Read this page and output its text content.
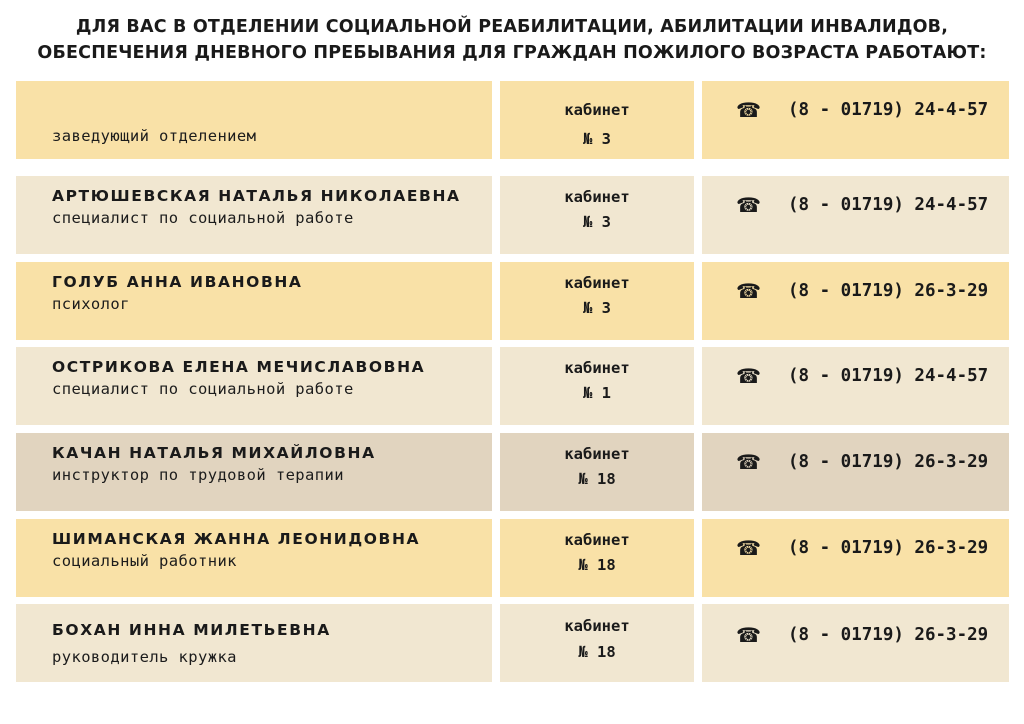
ДЛЯ ВАС В ОТДЕЛЕНИИ СОЦИАЛЬНОЙ РЕАБИЛИТАЦИИ, АБИЛИТАЦИИ ИНВАЛИДОВ,
ОБЕСПЕЧЕНИЯ ДНЕВНОГО ПРЕБЫВАНИЯ ДЛЯ ГРАЖДАН ПОЖИЛОГО ВОЗРАСТА РАБОТАЮТ:
заведующий отделением
кабинет
№ 3
☎ (8 - 01719) 24-4-57
АРТЮШЕВСКАЯ НАТАЛЬЯ НИКОЛАЕВНА
специалист по социальной работе
кабинет
№ 3
☎ (8 - 01719) 24-4-57
ГОЛУБ АННА ИВАНОВНА
психолог
кабинет
№ 3
☎ (8 - 01719) 26-3-29
ОСТРИКОВА ЕЛЕНА МЕЧИСЛАВОВНА
специалист по социальной работе
кабинет
№ 1
☎ (8 - 01719) 24-4-57
КАЧАН НАТАЛЬЯ МИХАЙЛОВНА
инструктор по трудовой терапии
кабинет
№ 18
☎ (8 - 01719) 26-3-29
ШИМАНСКАЯ ЖАННА ЛЕОНИДОВНА
социальный работник
кабинет
№ 18
☎ (8 - 01719) 26-3-29
БОХАН ИННА МИЛЕТЬЕВНА
руководитель кружка
кабинет
№ 18
☎ (8 - 01719) 26-3-29
